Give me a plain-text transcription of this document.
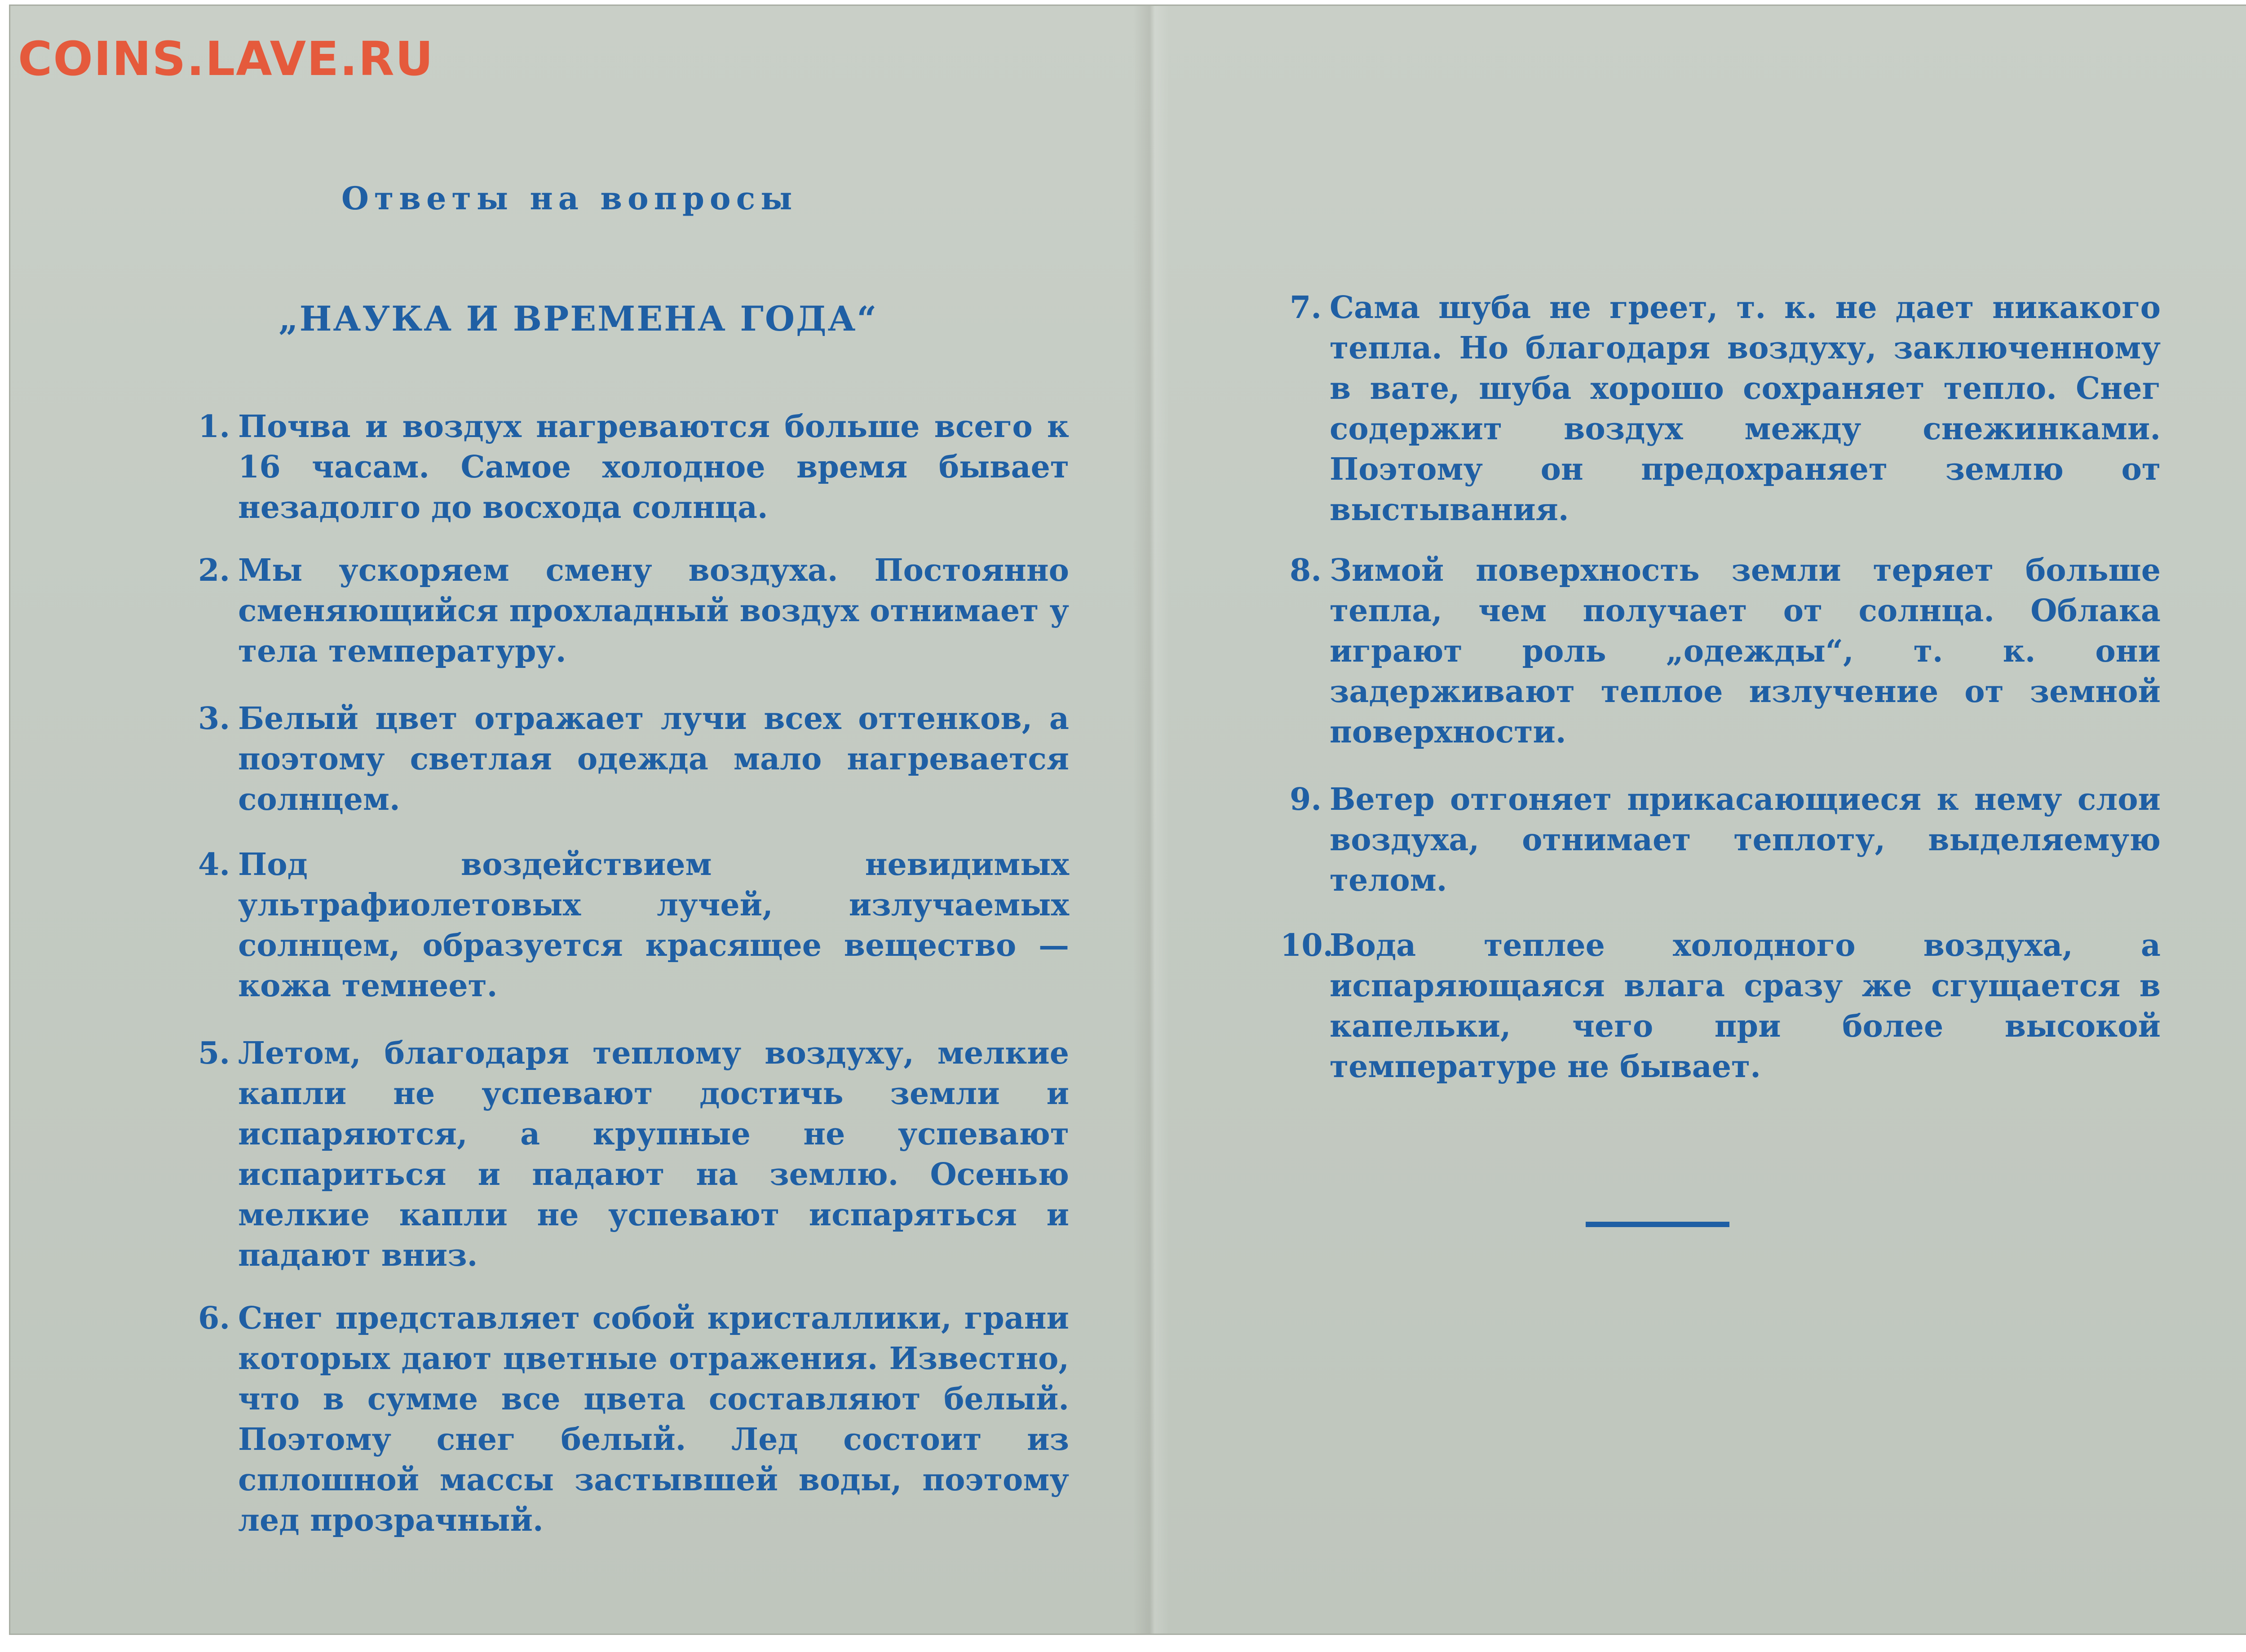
COINS.LAVE.RU
Ответы на вопросы
„НАУКА И ВРЕМЕНА ГОДА“
1. Почва и воздух нагреваются больше всего к 16 часам. Самое холодное время бывает незадолго до восхода солнца.
2. Мы ускоряем смену воздуха. Постоянно сменяющийся прохладный воздух отнимает у тела температуру.
3. Белый цвет отражает лучи всех оттенков, а поэтому светлая одежда мало нагревается солнцем.
4. Под воздействием невидимых ультрафиолетовых лучей, излучаемых солнцем, образуется красящее вещество — кожа темнеет.
5. Летом, благодаря теплому воздуху, мелкие капли не успевают достичь земли и испаряются, а крупные не успевают испариться и падают на землю. Осенью мелкие капли не успевают испаряться и падают вниз.
6. Снег представляет собой кристаллики, грани которых дают цветные отражения. Известно, что в сумме все цвета составляют белый. Поэтому снег белый. Лед состоит из сплошной массы застывшей воды, поэтому лед прозрачный.
7. Сама шуба не греет, т. к. не дает никакого тепла. Но благодаря воздуху, заключенному в вате, шуба хорошо сохраняет тепло. Снег содержит воздух между снежинками. Поэтому он предохраняет землю от выстывания.
8. Зимой поверхность земли теряет больше тепла, чем получает от солнца. Облака играют роль „одежды“, т. к. они задерживают теплое излучение от земной поверхности.
9. Ветер отгоняет прикасающиеся к нему слои воздуха, отнимает теплоту, выделяемую телом.
10.Вода теплее холодного воздуха, а испаряющаяся влага сразу же сгущается в капельки, чего при более высокой температуре не бывает.
